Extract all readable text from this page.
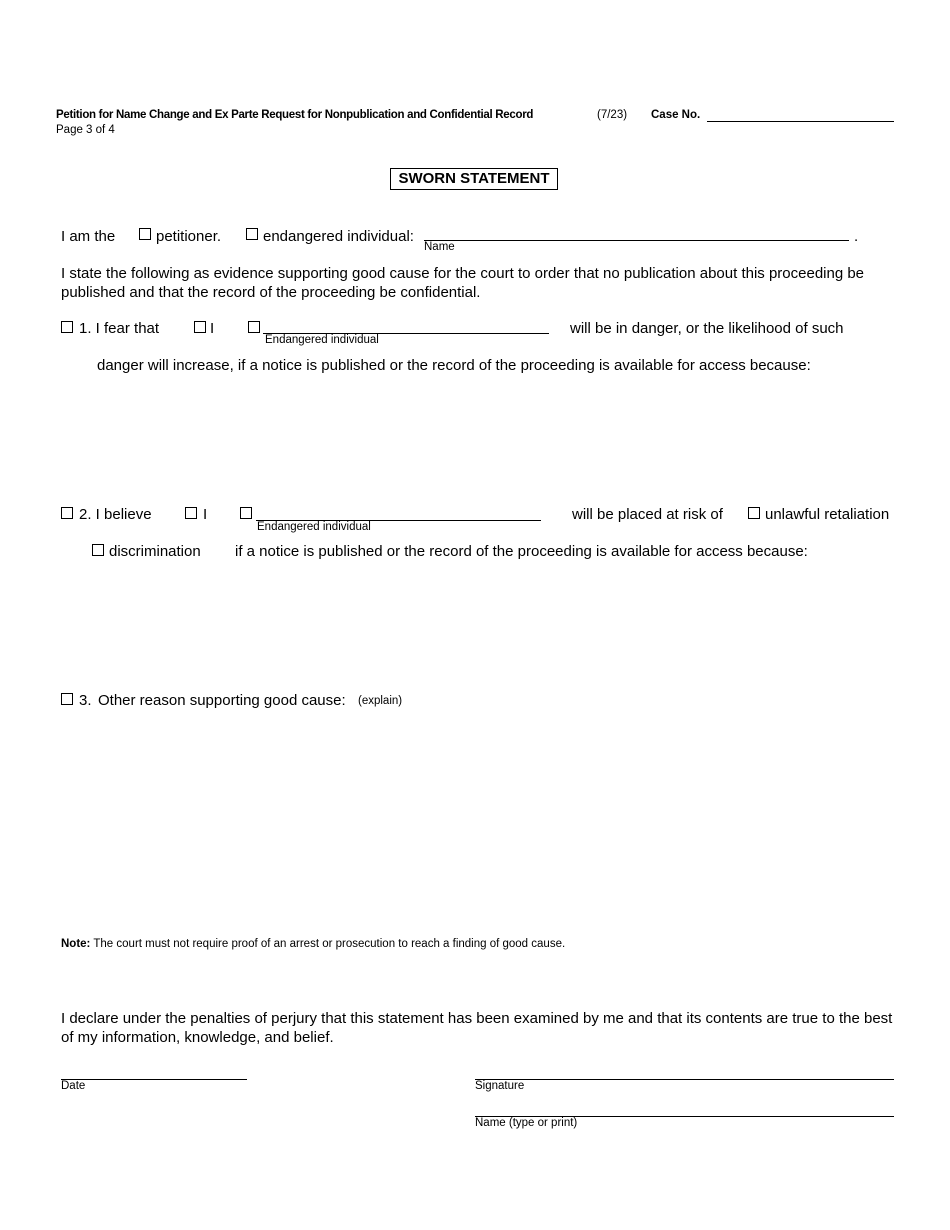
Petition for Name Change and Ex Parte Request for Nonpublication and Confidential Record	(7/23) Case No.
Page 3 of 4
SWORN STATEMENT
I am the	petitioner.	endangered individual:	.
Name
I state the following as evidence supporting good cause for the court to order that no publication about this proceeding be published and that the record of the proceeding be confidential.
1. I fear that	I
Endangered individual
will be in danger, or the likelihood of such
danger will increase, if a notice is published or the record of the proceeding is available for access because:
2. I believe	I
Endangered individual
will be placed at risk of	unlawful retaliation
discrimination if a notice is published or the record of the proceeding is available for access because:
3. Other reason supporting good cause: (explain)
Note: The court must not require proof of an arrest or prosecution to reach a finding of good cause.
I declare under the penalties of perjury that this statement has been examined by me and that its contents are true to the best of my information, knowledge, and belief.
Date	Signature
Name (type or print)
